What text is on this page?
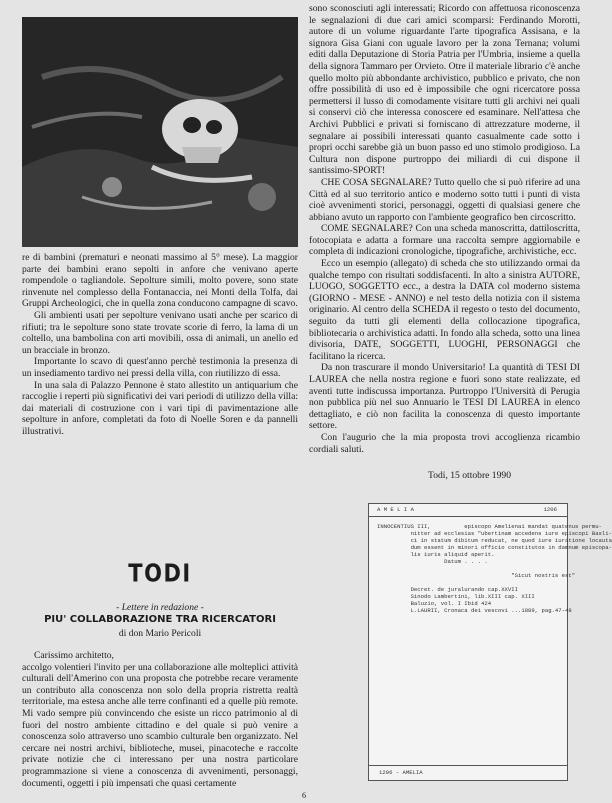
re di bambini (prematuri e neonati massimo al 5° mese). La maggior parte dei bambini erano sepolti in anfore che venivano aperte rompendole o tagliandole. Sepolture simili, molto povere, sono state rinvenute nel complesso della Fontanaccia, nei Monti della Tolfa, dai Gruppi Archeologici, che in quella zona conducono campagne di scavo.

Gli ambienti usati per sepolture venivano usati anche per scarico di rifiuti; tra le sepolture sono state trovate scorie di ferro, la lama di un coltello, una bambolina con arti movibili, ossa di animali, un anello ed un bracciale in bronzo.

Importante lo scavo di quest'anno perchè testimonia la presenza di un insediamento tardivo nei pressi della villa, con riutilizzo di essa.

In una sala di Palazzo Pennone è stato allestito un antiquarium che raccoglie i reperti più significativi dei vari periodi di utilizzo della villa: dai materiali di costruzione con i vari tipi di pavimentazione alle sepolture in anfore, completati da foto di Noelle Soren e da pannelli illustrativi.

TODI
- Lettere in redazione -
PIU' COLLABORAZIONE TRA RICERCATORI
di don Mario Pericoli

Carissimo architetto,

accolgo volentieri l'invito per una collaborazione alle molteplici attività culturali dell'Amerino con una proposta che potrebbe recare veramente un contributo alla conoscenza non solo della propria ristretta realtà territoriale, ma estesa anche alle terre confinanti ed a quelle più remote. Mi vado sempre più convincendo che esiste un ricco patrimonio al di fuori del nostro ambiente cittadino e del quale si può venire a conoscenza solo attraverso uno scambio culturale ben organizzato. Nel cercare nei nostri archivi, biblioteche, musei, pinacoteche e raccolte private notizie che ci interessano per una nostra particolare programmazione si viene a conoscenza di avvenimenti, personaggi, documenti, oggetti i più impensati che quasi certamente

sono sconosciuti agli interessati; Ricordo con affettuosa riconoscenza le segnalazioni di due cari amici scomparsi: Ferdinando Morotti, autore di un volume riguardante l'arte tipografica Assisana, e la signora Gisa Giani con uguale lavoro per la zona Ternana; volumi editi dalla Deputazione di Storia Patria per l'Umbria, insieme a quella della signora Tammaro per Orvieto. Otre il materiale librario c'è anche quello molto più abbondante archivistico, pubblico e privato, che non offre possibilità di uso ed è impossibile che ogni ricercatore possa permettersi il lusso di comodamente visitare tutti gli archivi nei quali si conservi ciò che interessa conoscere ed esaminare. Nell'attesa che Archivi Pubblici e privati si forniscano di attrezzature moderne, il segnalare ai possibili interessati quanto casualmente cade sotto i propri occhi sarebbe già un buon passo ed uno stimolo prodigioso. La Cultura non dispone purtroppo dei miliardi di cui dispone il santissimo-SPORT!

CHE COSA SEGNALARE? Tutto quello che si può riferire ad una Città ed al suo territorio antico e moderno sotto tutti i punti di vista cioè avvenimenti storici, personaggi, oggetti di qualsiasi genere che abbiano avuto un rapporto con l'ambiente geografico ben circoscritto.

COME SEGNALARE? Con una scheda manoscritta, dattiloscritta, fotocopiata e adatta a formare una raccolta sempre aggiornabile e completa di indicazioni cronologiche, tipografiche, archivistiche, ecc.

Ecco un esempio (allegato) di scheda che sto utilizzando ormai da qualche tempo con risultati soddisfacenti. In alto a sinistra AUTORE, LUOGO, SOGGETTO ecc., a destra la DATA col moderno sistema (GIORNO - MESE - ANNO) e nel testo della notizia con il sistema originario. Al centro della SCHEDA il regesto o testo del documento, seguito da tutti gli elementi della collocazione tipografica, bibliotecaria o archivistica adatti. In fondo alla scheda, sotto una linea divisoria, DATE, SOGGETTI, LUOGHI, PERSONAGGI che facilitano la ricerca.

Da non trascurare il mondo Universitario! La quantità di TESI DI LAUREA che nella nostra regione e fuori sono state realizzate, ed aventi tutte indiscussa importanza. Purtroppo l'Università di Perugia non pubblica più nel suo Annuario le TESI DI LAUREA in elenco dettagliato, e ciò non facilita la conoscenza di questo importante settore.

Con l'augurio che la mia proposta trovi accoglienza ricambio cordiali saluti.

Todi, 15 ottobre 1990
A M E L I A	1206
INNOCENTIUS III,          episcopo Amelienai mandat quatenus permu-
nitter ad ecclesias "ubertinam accedens iure episcopi Basli-
ci in statum dibitum reducat, ne quod iure iuratione locauta
dum essent in minori officio constitutos in damnum episcopa-
lis iuris aliquid aperit.
Datum . . . .
"Sicut nostris est"
Decret. de juralurando cap.XXVII
Sinodo Lambertini, lib.XIII cap. XIII
Baluzio, vol. I Ibid 424
L.LAURII, Cronaca dei vescovi ...1889, pag.47-48
1206 - AMELIA
6
